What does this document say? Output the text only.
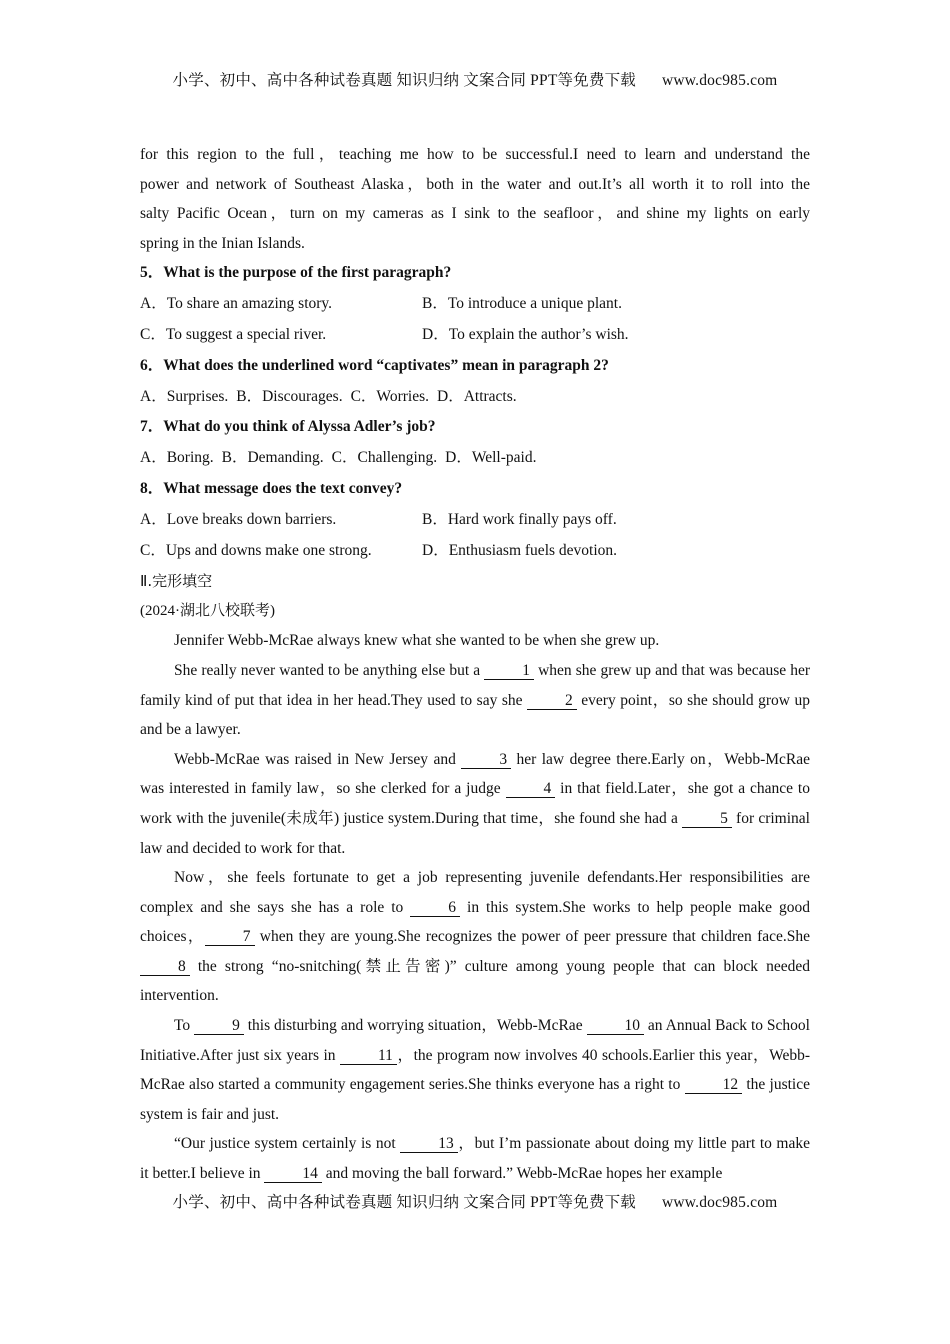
小学、初中、高中各种试卷真题 知识归纳 文案合同 PPT等免费下载 www.doc985.com
for this region to the full，teaching me how to be successful.I need to learn and understand the
power and network of Southeast Alaska，both in the water and out.It’s all worth it to roll into the
salty Pacific Ocean，turn on my cameras as I sink to the seafloor，and shine my lights on early
spring in the Inian Islands.
5．What is the purpose of the first paragraph?
A．To share an amazing story.	B．To introduce a unique plant.
C．To suggest a special river.	D．To explain the author’s wish.
6．What does the underlined word “captivates” mean in paragraph 2?
A．Surprises. B．Discourages. C．Worries. D．Attracts.
7．What do you think of Alyssa Adler’s job?
A．Boring. B．Demanding. C．Challenging. D．Well-paid.
8．What message does the text convey?
A．Love breaks down barriers.	B．Hard work finally pays off.
C．Ups and downs make one strong.	D．Enthusiasm fuels devotion.
Ⅱ.完形填空
(2024·湖北八校联考)
Jennifer Webb-McRae always knew what she wanted to be when she grew up.
She really never wanted to be anything else but a 1 when she grew up and that was because her family kind of put that idea in her head.They used to say she 2 every point，so she should grow up and be a lawyer.
Webb-McRae was raised in New Jersey and 3 her law degree there.Early on，Webb-McRae was interested in family law，so she clerked for a judge 4 in that field.Later，she got a chance to work with the juvenile(未成年) justice system.During that time，she found she had a 5 for criminal law and decided to work for that.
Now，she feels fortunate to get a job representing juvenile defendants.Her responsibilities are complex and she says she has a role to 6 in this system.She works to help people make good choices， 7 when they are young.She recognizes the power of peer pressure that children face.She 8 the strong “no-snitching(禁止告密)” culture among young people that can block needed intervention.
To 9 this disturbing and worrying situation，Webb-McRae 10 an Annual Back to School Initiative.After just six years in 11 ，the program now involves 40 schools.Earlier this year，Webb-McRae also started a community engagement series.She thinks everyone has a right to 12 the justice system is fair and just.
“Our justice system certainly is not 13 ，but I’m passionate about doing my little part to make it better.I believe in 14 and moving the ball forward.” Webb-McRae hopes her example
小学、初中、高中各种试卷真题 知识归纳 文案合同 PPT等免费下载 www.doc985.com
